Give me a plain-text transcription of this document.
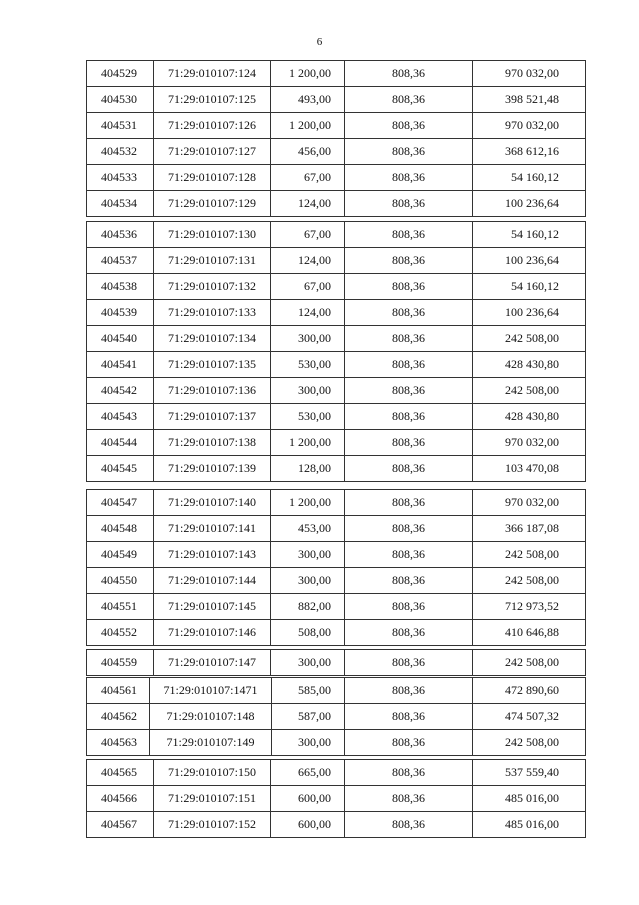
6
404529	71:29:010107:124	1 200,00	808,36	970 032,00
404530	71:29:010107:125	493,00	808,36	398 521,48
404531	71:29:010107:126	1 200,00	808,36	970 032,00
404532	71:29:010107:127	456,00	808,36	368 612,16
404533	71:29:010107:128	67,00	808,36	54 160,12
404534	71:29:010107:129	124,00	808,36	100 236,64
404536	71:29:010107:130	67,00	808,36	54 160,12
404537	71:29:010107:131	124,00	808,36	100 236,64
404538	71:29:010107:132	67,00	808,36	54 160,12
404539	71:29:010107:133	124,00	808,36	100 236,64
404540	71:29:010107:134	300,00	808,36	242 508,00
404541	71:29:010107:135	530,00	808,36	428 430,80
404542	71:29:010107:136	300,00	808,36	242 508,00
404543	71:29:010107:137	530,00	808,36	428 430,80
404544	71:29:010107:138	1 200,00	808,36	970 032,00
404545	71:29:010107:139	128,00	808,36	103 470,08
404547	71:29:010107:140	1 200,00	808,36	970 032,00
404548	71:29:010107:141	453,00	808,36	366 187,08
404549	71:29:010107:143	300,00	808,36	242 508,00
404550	71:29:010107:144	300,00	808,36	242 508,00
404551	71:29:010107:145	882,00	808,36	712 973,52
404552	71:29:010107:146	508,00	808,36	410 646,88
404559	71:29:010107:147	300,00	808,36	242 508,00
404561	71:29:010107:1471	585,00	808,36	472 890,60
404562	71:29:010107:148	587,00	808,36	474 507,32
404563	71:29:010107:149	300,00	808,36	242 508,00
404565	71:29:010107:150	665,00	808,36	537 559,40
404566	71:29:010107:151	600,00	808,36	485 016,00
404567	71:29:010107:152	600,00	808,36	485 016,00
